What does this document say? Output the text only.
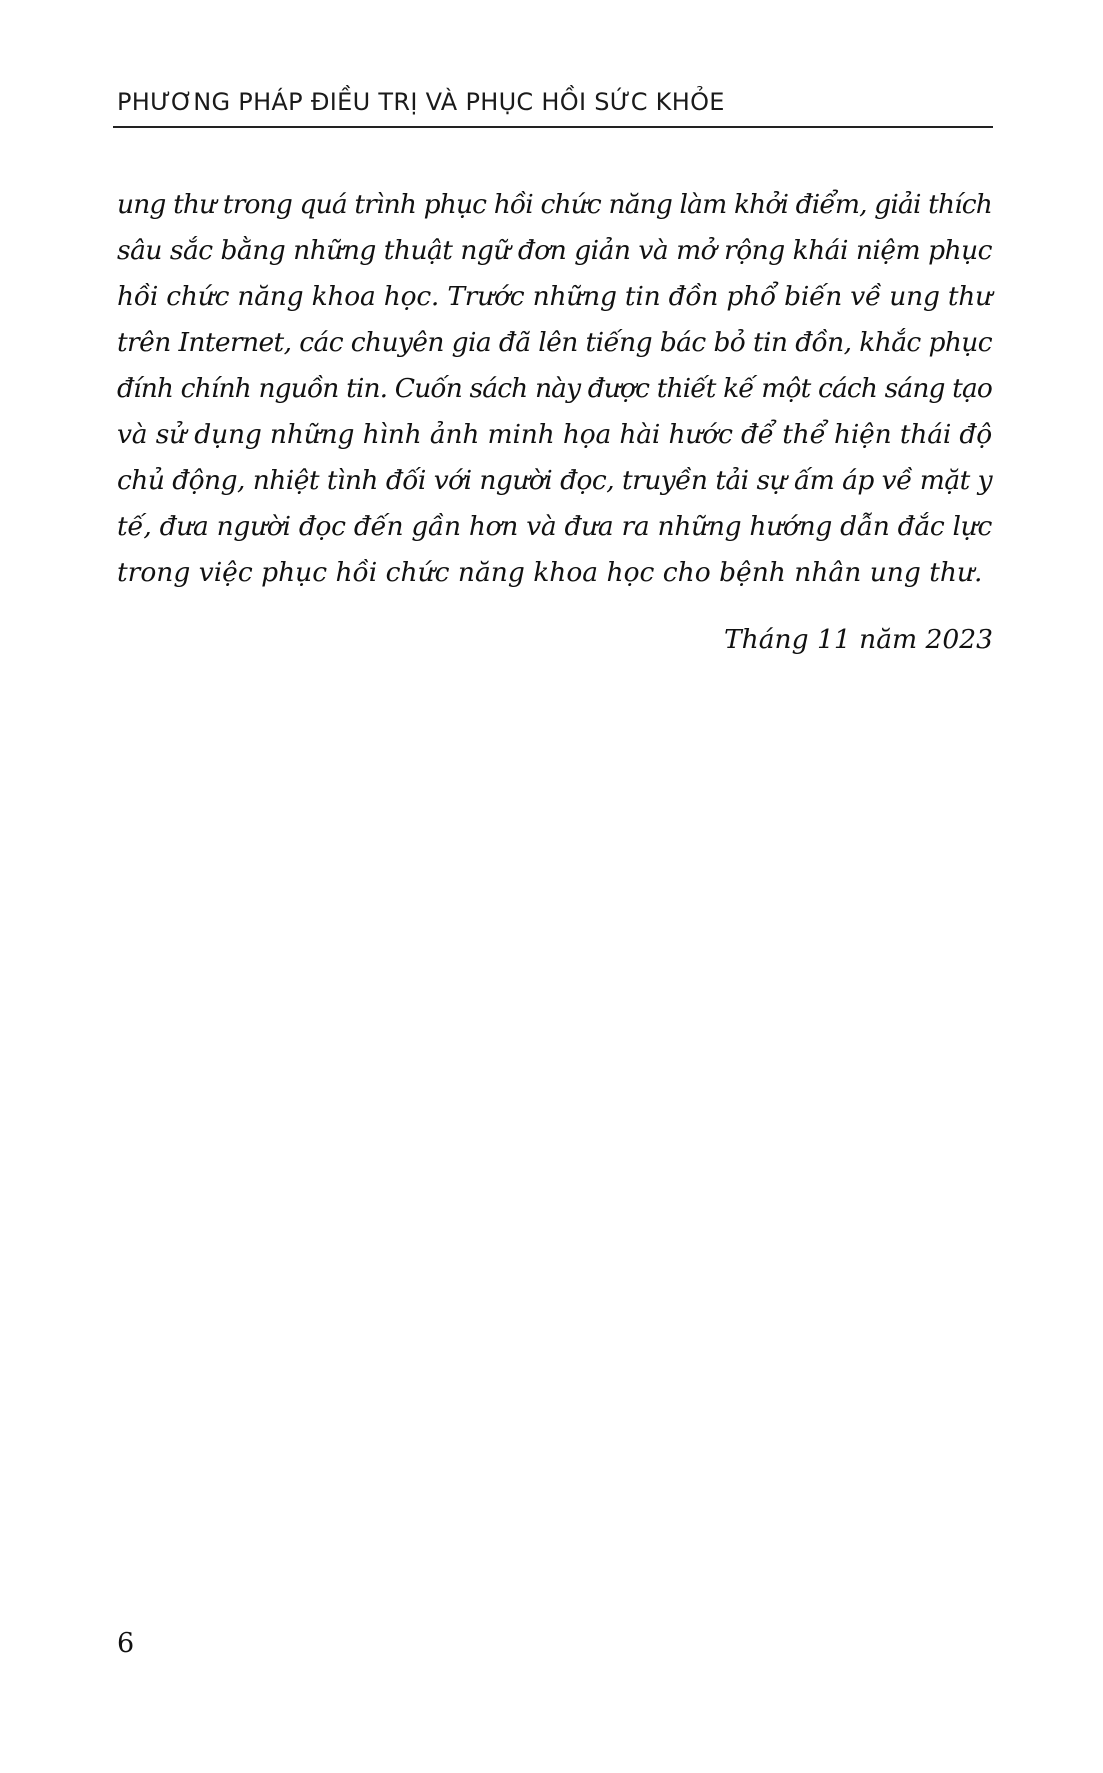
PHƯƠNG PHÁP ĐIỀU TRỊ VÀ PHỤC HỒI SỨC KHỎE
ung thư trong quá trình phục hồi chức năng làm khởi điểm, giải thích
sâu sắc bằng những thuật ngữ đơn giản và mở rộng khái niệm phục
hồi chức năng khoa học. Trước những tin đồn phổ biến về ung thư
trên Internet, các chuyên gia đã lên tiếng bác bỏ tin đồn, khắc phục
đính chính nguồn tin. Cuốn sách này được thiết kế một cách sáng tạo
và sử dụng những hình ảnh minh họa hài hước để thể hiện thái độ
chủ động, nhiệt tình đối với người đọc, truyền tải sự ấm áp về mặt y
tế, đưa người đọc đến gần hơn và đưa ra những hướng dẫn đắc lực
trong việc phục hồi chức năng khoa học cho bệnh nhân ung thư.
Tháng 11 năm 2023
6
